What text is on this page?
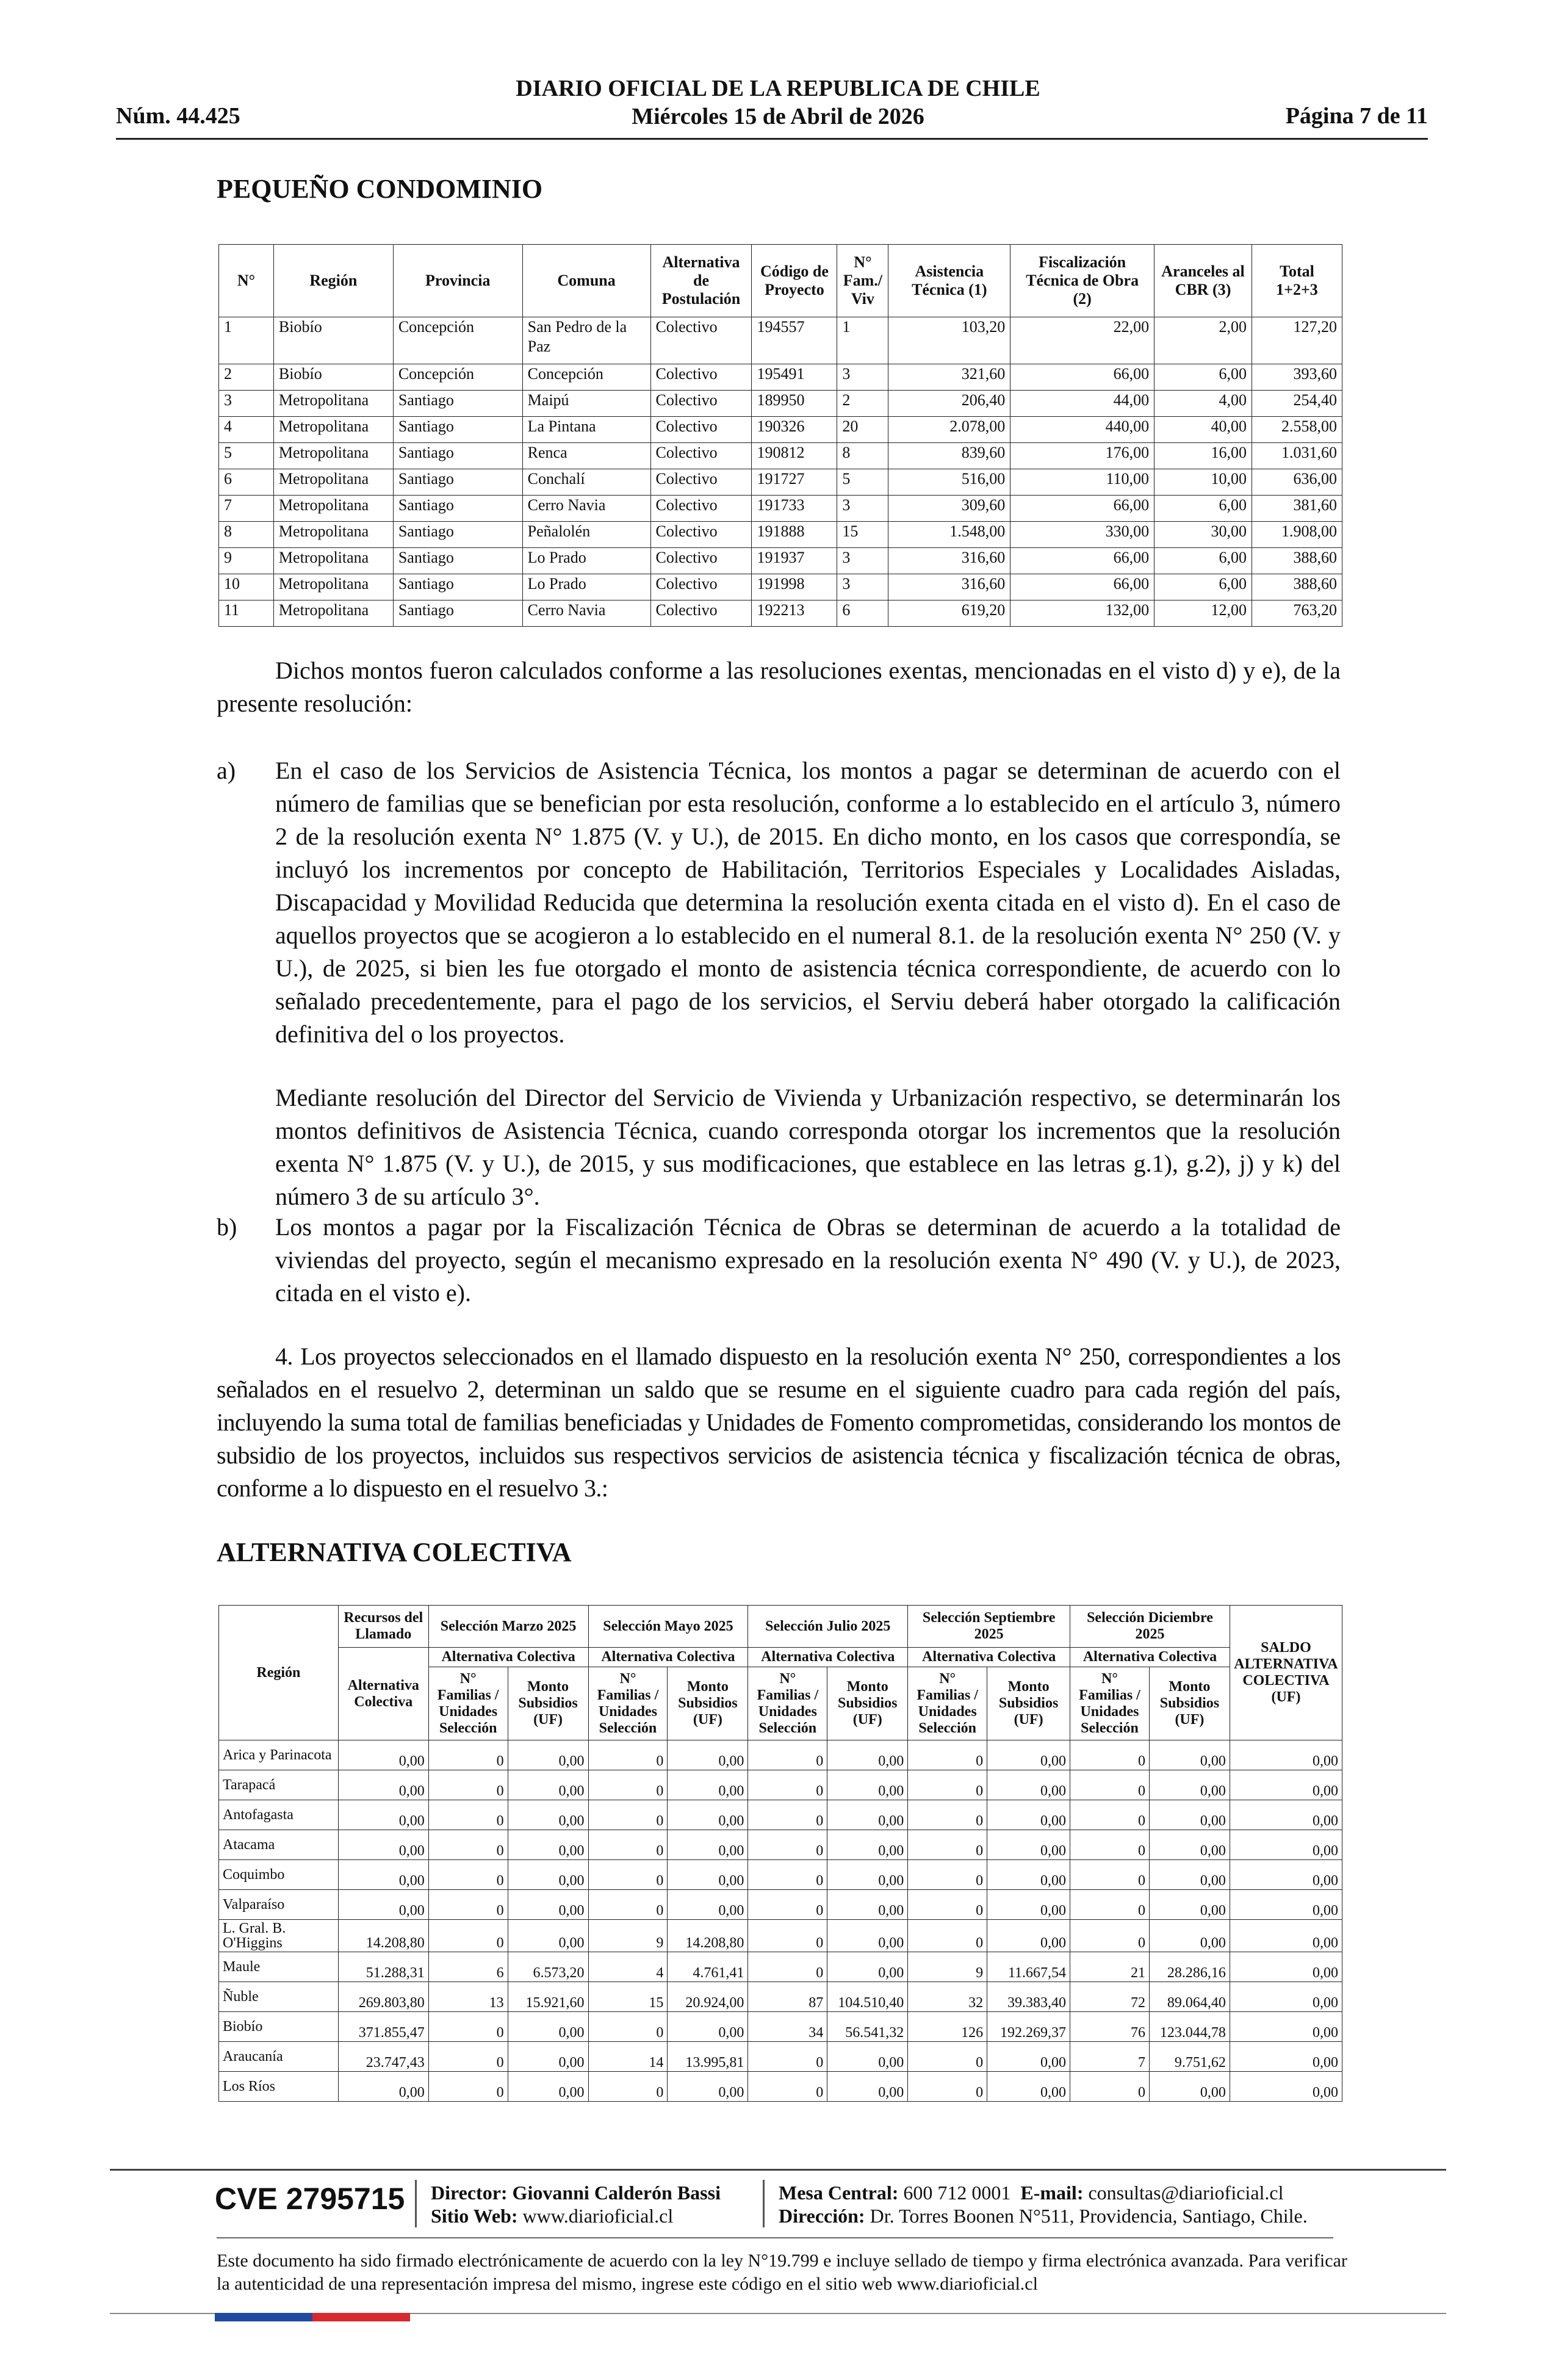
DIARIO OFICIAL DE LA REPUBLICA DE CHILE
Miércoles 15 de Abril de 2026
Núm. 44.425	Página 7 de 11
PEQUEÑO CONDOMINIO
N°	Región	Provincia	Comuna	Alternativa de Postulación	Código de Proyecto	N° Fam./ Viv	Asistencia Técnica (1)	Fiscalización Técnica de Obra (2)	Aranceles al CBR (3)	Total 1+2+3
1	Biobío	Concepción	San Pedro de la Paz	Colectivo	194557	1	103,20	22,00	2,00	127,20
2	Biobío	Concepción	Concepción	Colectivo	195491	3	321,60	66,00	6,00	393,60
3	Metropolitana	Santiago	Maipú	Colectivo	189950	2	206,40	44,00	4,00	254,40
4	Metropolitana	Santiago	La Pintana	Colectivo	190326	20	2.078,00	440,00	40,00	2.558,00
5	Metropolitana	Santiago	Renca	Colectivo	190812	8	839,60	176,00	16,00	1.031,60
6	Metropolitana	Santiago	Conchalí	Colectivo	191727	5	516,00	110,00	10,00	636,00
7	Metropolitana	Santiago	Cerro Navia	Colectivo	191733	3	309,60	66,00	6,00	381,60
8	Metropolitana	Santiago	Peñalolén	Colectivo	191888	15	1.548,00	330,00	30,00	1.908,00
9	Metropolitana	Santiago	Lo Prado	Colectivo	191937	3	316,60	66,00	6,00	388,60
10	Metropolitana	Santiago	Lo Prado	Colectivo	191998	3	316,60	66,00	6,00	388,60
11	Metropolitana	Santiago	Cerro Navia	Colectivo	192213	6	619,20	132,00	12,00	763,20
Dichos montos fueron calculados conforme a las resoluciones exentas, mencionadas en el visto d) y e), de la presente resolución:
a) En el caso de los Servicios de Asistencia Técnica, los montos a pagar se determinan de acuerdo con el número de familias que se benefician por esta resolución, conforme a lo establecido en el artículo 3, número 2 de la resolución exenta N° 1.875 (V. y U.), de 2015. En dicho monto, en los casos que correspondía, se incluyó los incrementos por concepto de Habilitación, Territorios Especiales y Localidades Aisladas, Discapacidad y Movilidad Reducida que determina la resolución exenta citada en el visto d). En el caso de aquellos proyectos que se acogieron a lo establecido en el numeral 8.1. de la resolución exenta N° 250 (V. y U.), de 2025, si bien les fue otorgado el monto de asistencia técnica correspondiente, de acuerdo con lo señalado precedentemente, para el pago de los servicios, el Serviu deberá haber otorgado la calificación definitiva del o los proyectos.
Mediante resolución del Director del Servicio de Vivienda y Urbanización respectivo, se determinarán los montos definitivos de Asistencia Técnica, cuando corresponda otorgar los incrementos que la resolución exenta N° 1.875 (V. y U.), de 2015, y sus modificaciones, que establece en las letras g.1), g.2), j) y k) del número 3 de su artículo 3°.
b) Los montos a pagar por la Fiscalización Técnica de Obras se determinan de acuerdo a la totalidad de viviendas del proyecto, según el mecanismo expresado en la resolución exenta N° 490 (V. y U.), de 2023, citada en el visto e).
4. Los proyectos seleccionados en el llamado dispuesto en la resolución exenta N° 250, correspondientes a los señalados en el resuelvo 2, determinan un saldo que se resume en el siguiente cuadro para cada región del país, incluyendo la suma total de familias beneficiadas y Unidades de Fomento comprometidas, considerando los montos de subsidio de los proyectos, incluidos sus respectivos servicios de asistencia técnica y fiscalización técnica de obras, conforme a lo dispuesto en el resuelvo 3.:
ALTERNATIVA COLECTIVA
Región	Recursos del Llamado	Selección Marzo 2025		Selección Mayo 2025		Selección Julio 2025		Selección Septiembre 2025		Selección Diciembre 2025		SALDO ALTERNATIVA COLECTIVA (UF)
	Alternativa Colectiva	Alternativa Colectiva		Alternativa Colectiva		Alternativa Colectiva		Alternativa Colectiva		Alternativa Colectiva		
		N° Familias / Unidades Selección	Monto Subsidios (UF)	N° Familias / Unidades Selección	Monto Subsidios (UF)	N° Familias / Unidades Selección	Monto Subsidios (UF)	N° Familias / Unidades Selección	Monto Subsidios (UF)	N° Familias / Unidades Selección	Monto Subsidios (UF)	
Arica y Parinacota	0,00	0	0,00	0	0,00	0	0,00	0	0,00	0	0,00	0,00
Tarapacá	0,00	0	0,00	0	0,00	0	0,00	0	0,00	0	0,00	0,00
Antofagasta	0,00	0	0,00	0	0,00	0	0,00	0	0,00	0	0,00	0,00
Atacama	0,00	0	0,00	0	0,00	0	0,00	0	0,00	0	0,00	0,00
Coquimbo	0,00	0	0,00	0	0,00	0	0,00	0	0,00	0	0,00	0,00
Valparaíso	0,00	0	0,00	0	0,00	0	0,00	0	0,00	0	0,00	0,00
L. Gral. B. O'Higgins	14.208,80	0	0,00	9	14.208,80	0	0,00	0	0,00	0	0,00	0,00
Maule	51.288,31	6	6.573,20	4	4.761,41	0	0,00	9	11.667,54	21	28.286,16	0,00
Ñuble	269.803,80	13	15.921,60	15	20.924,00	87	104.510,40	32	39.383,40	72	89.064,40	0,00
Biobío	371.855,47	0	0,00	0	0,00	34	56.541,32	126	192.269,37	76	123.044,78	0,00
Araucanía	23.747,43	0	0,00	14	13.995,81	0	0,00	0	0,00	7	9.751,62	0,00
Los Ríos	0,00	0	0,00	0	0,00	0	0,00	0	0,00	0	0,00	0,00
CVE 2795715 Director: Giovanni Calderón Bassi
Sitio Web: www.diarioficial.cl
Mesa Central: 600 712 0001 E-mail: consultas@diarioficial.cl
Dirección: Dr. Torres Boonen N°511, Providencia, Santiago, Chile.
Este documento ha sido firmado electrónicamente de acuerdo con la ley N°19.799 e incluye sellado de tiempo y firma electrónica avanzada. Para verificar la autenticidad de una representación impresa del mismo, ingrese este código en el sitio web www.diarioficial.cl
